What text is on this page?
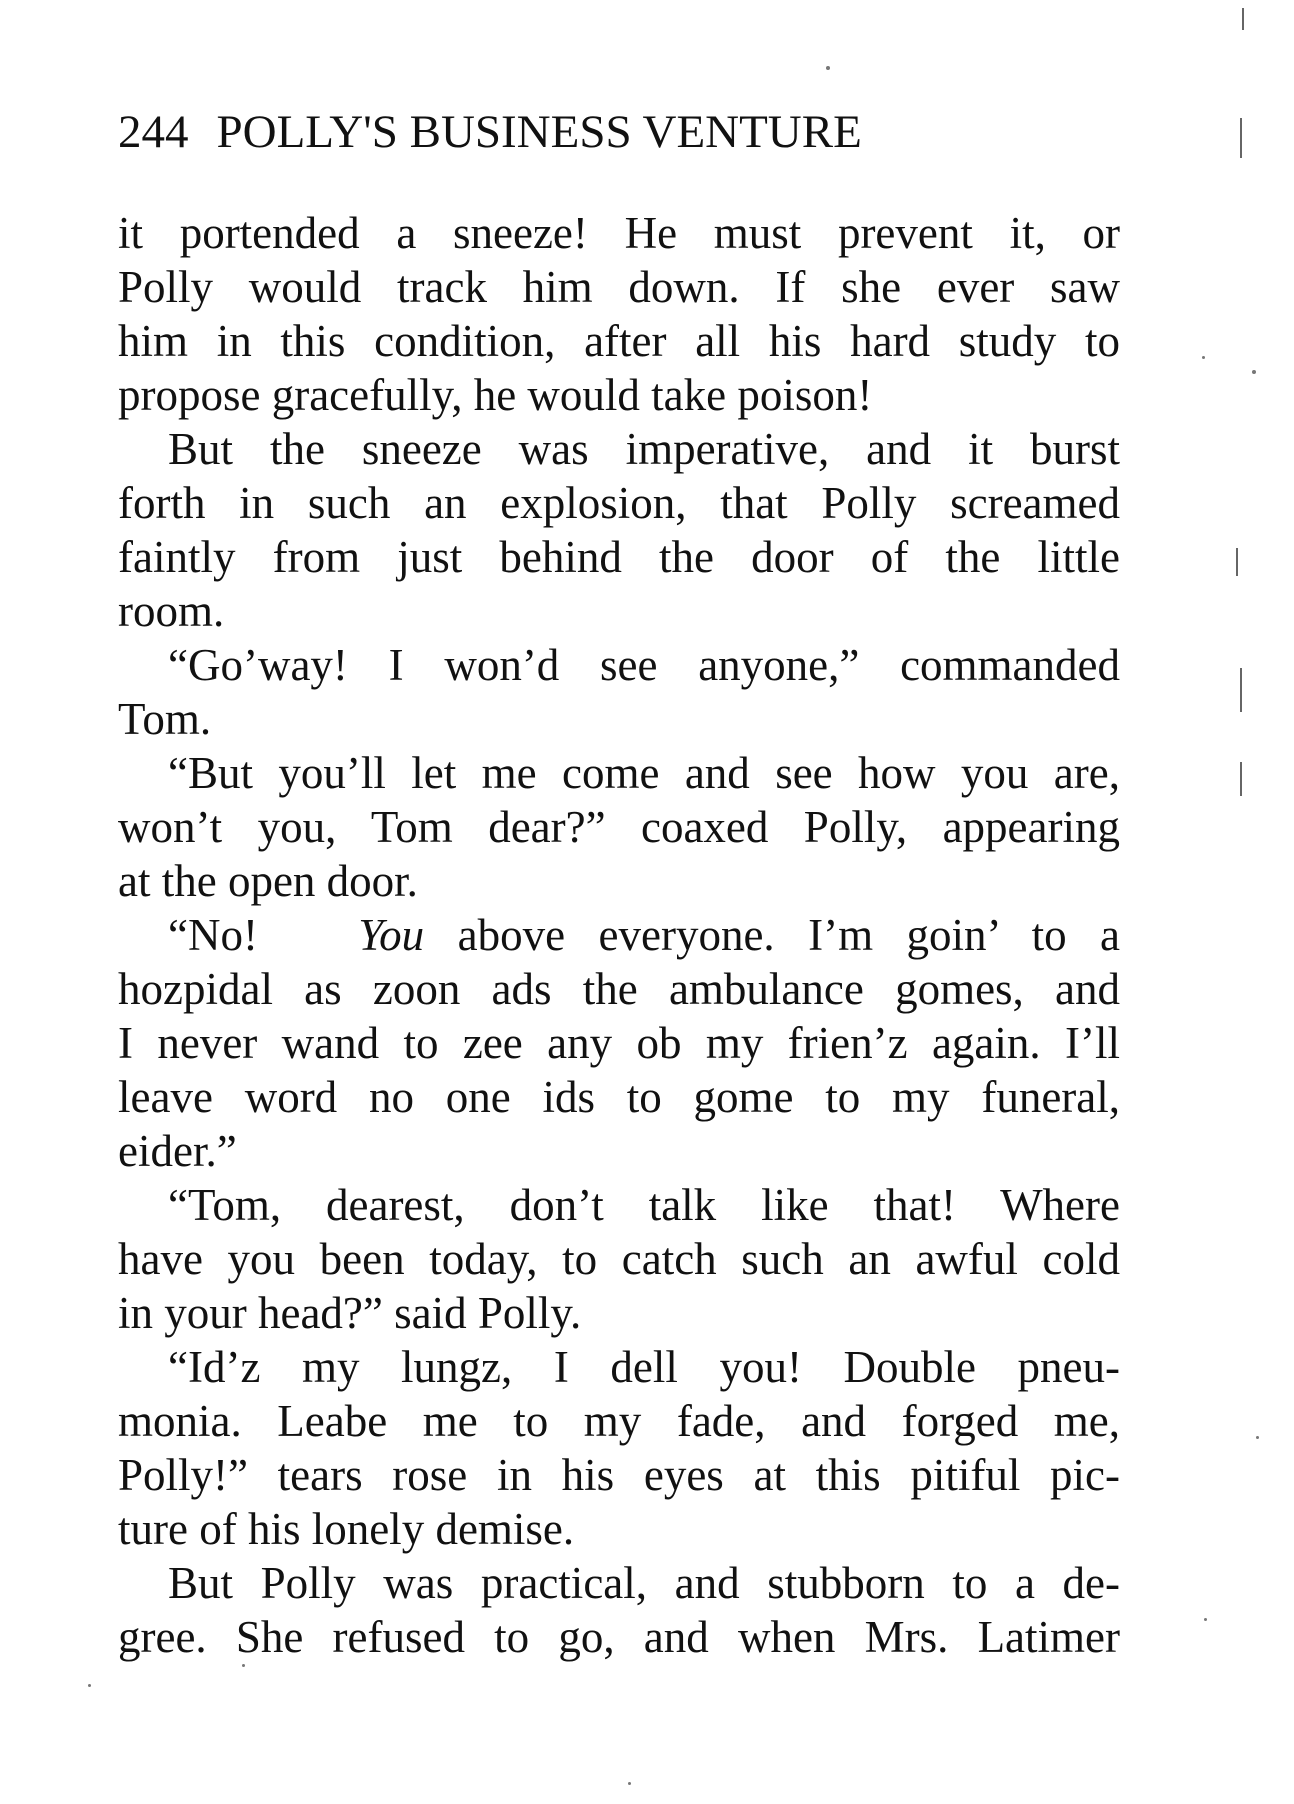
244 POLLY'S BUSINESS VENTURE
it portended a sneeze! He must prevent it, or
Polly would track him down. If she ever saw
him in this condition, after all his hard study to
propose gracefully, he would take poison!
But the sneeze was imperative, and it burst
forth in such an explosion, that Polly screamed
faintly from just behind the door of the little
room.
“Go’way! I won’d see anyone,” commanded
Tom.
“But you’ll let me come and see how you are,
won’t you, Tom dear?” coaxed Polly, appearing
at the open door.
“No! You above everyone. I’m goin’ to a
hozpidal as zoon ads the ambulance gomes, and
I never wand to zee any ob my frien’z again. I’ll
leave word no one ids to gome to my funeral,
eider.”
“Tom, dearest, don’t talk like that! Where
have you been today, to catch such an awful cold
in your head?” said Polly.
“Id’z my lungz, I dell you! Double pneu-
monia. Leabe me to my fade, and forged me,
Polly!” tears rose in his eyes at this pitiful pic-
ture of his lonely demise.
But Polly was practical, and stubborn to a de-
gree. She refused to go, and when Mrs. Latimer
